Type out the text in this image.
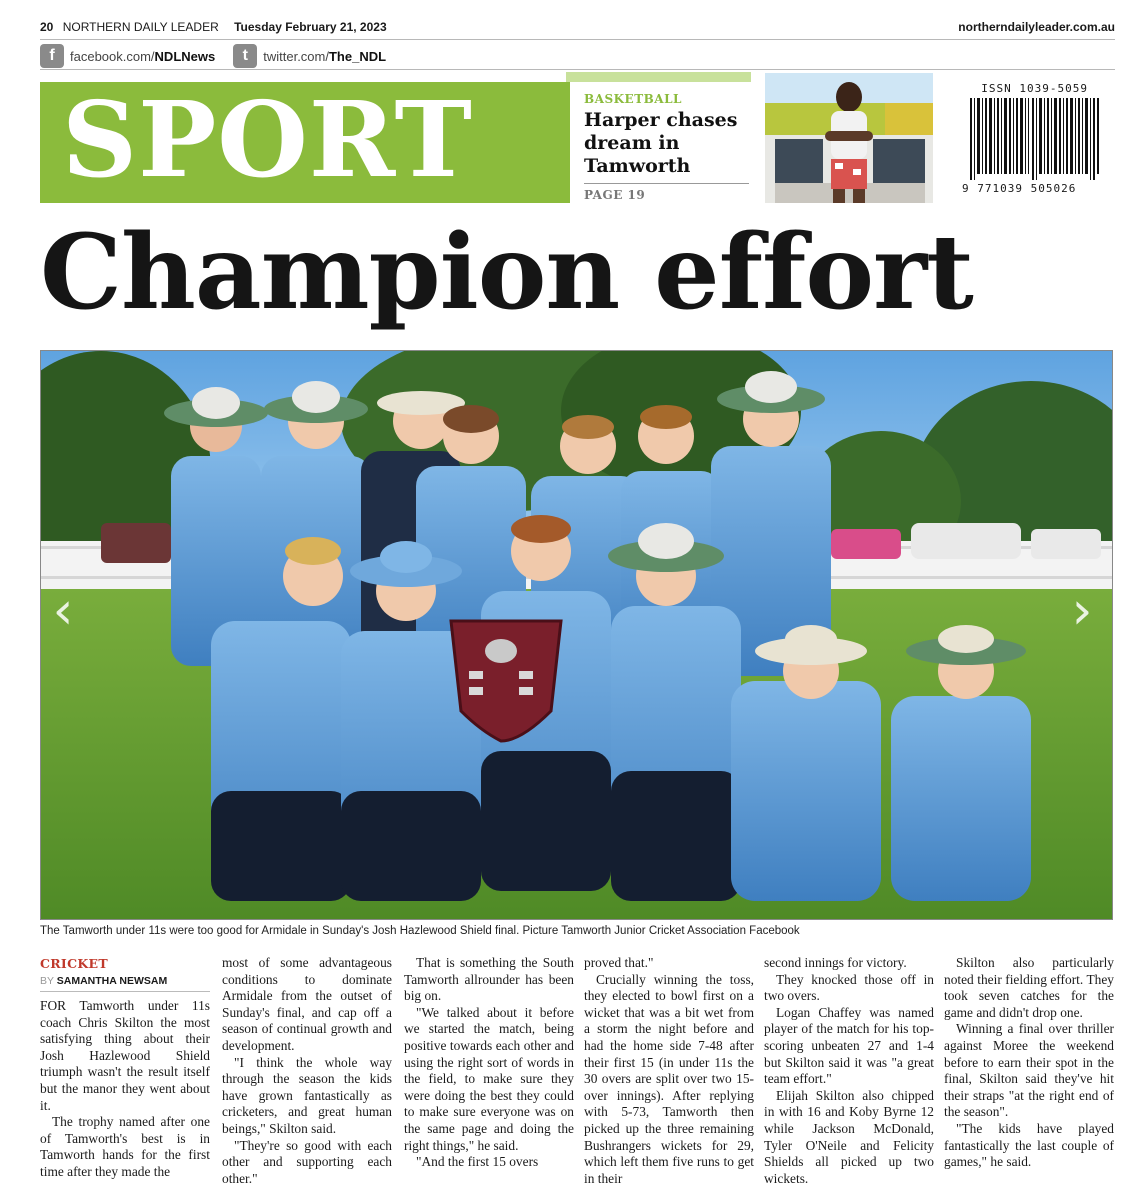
20 NORTHERN DAILY LEADER Tuesday February 21, 2023	northerndailyleader.com.au
f	facebook.com/NDLNews	t	twitter.com/The_NDL
SPORT	BASKETBALL
Harper chases dream in Tamworth
PAGE 19
ISSN 1039-5059
9 771039 505026
Champion effort
‹	›
The Tamworth under 11s were too good for Armidale in Sunday's Josh Hazlewood Shield final. Picture Tamworth Junior Cricket Association Facebook
CRICKET
BY SAMANTHA NEWSAM

FOR Tamworth under 11s coach Chris Skilton the most satisfying thing about their Josh Hazlewood Shield triumph wasn't the result itself but the manor they went about it.

The trophy named after one of Tamworth's best is in Tamworth hands for the first time after they made the

most of some advantageous conditions to dominate Armidale from the outset of Sunday's final, and cap off a season of continual growth and development.

"I think the whole way through the season the kids have grown fantastically as cricketers, and great human beings," Skilton said.

"They're so good with each other and supporting each other."

That is something the South Tamworth allrounder has been big on.

"We talked about it before we started the match, being positive towards each other and using the right sort of words in the field, to make sure they were doing the best they could to make sure everyone was on the same page and doing the right things," he said.

"And the first 15 overs

proved that."

Crucially winning the toss, they elected to bowl first on a wicket that was a bit wet from a storm the night before and had the home side 7-48 after their first 15 (in under 11s the 30 overs are split over two 15-over innings). After replying with 5-73, Tamworth then picked up the three remaining Bushrangers wickets for 29, which left them five runs to get in their

second innings for victory.

They knocked those off in two overs.

Logan Chaffey was named player of the match for his top-scoring unbeaten 27 and 1-4 but Skilton said it was "a great team effort."

Elijah Skilton also chipped in with 16 and Koby Byrne 12 while Jackson McDonald, Tyler O'Neile and Felicity Shields all picked up two wickets.

Skilton also particularly noted their fielding effort. They took seven catches for the game and didn't drop one.

Winning a final over thriller against Moree the weekend before to earn their spot in the final, Skilton said they've hit their straps "at the right end of the season".

"The kids have played fantastically the last couple of games," he said.
